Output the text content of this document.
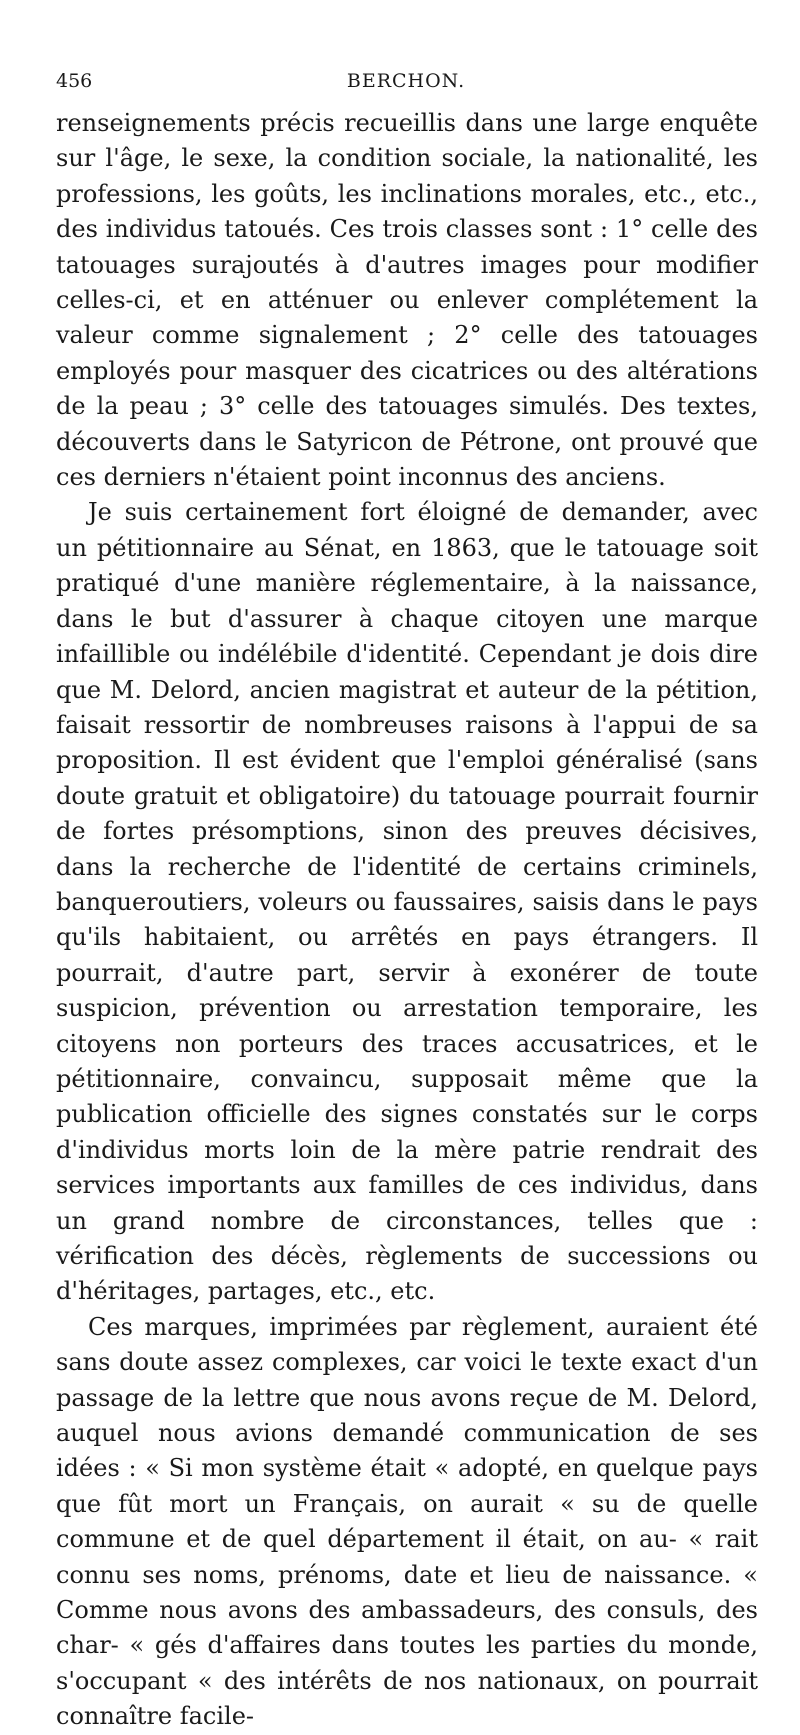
456	BERCHON.

renseignements précis recueillis dans une large enquête sur l'âge, le sexe, la condition sociale, la nationalité, les professions, les goûts, les inclinations morales, etc., etc., des individus tatoués. Ces trois classes sont : 1° celle des tatouages surajoutés à d'autres images pour modifier celles-ci, et en atténuer ou enlever complétement la valeur comme signalement ; 2° celle des tatouages employés pour masquer des cicatrices ou des altérations de la peau ; 3° celle des tatouages simulés. Des textes, découverts dans le Satyricon de Pétrone, ont prouvé que ces derniers n'étaient point inconnus des anciens.

Je suis certainement fort éloigné de demander, avec un pétitionnaire au Sénat, en 1863, que le tatouage soit pratiqué d'une manière réglementaire, à la naissance, dans le but d'assurer à chaque citoyen une marque infaillible ou indélébile d'identité. Cependant je dois dire que M. Delord, ancien magistrat et auteur de la pétition, faisait ressortir de nombreuses raisons à l'appui de sa proposition. Il est évident que l'emploi généralisé (sans doute gratuit et obligatoire) du tatouage pourrait fournir de fortes présomptions, sinon des preuves décisives, dans la recherche de l'identité de certains criminels, banqueroutiers, voleurs ou faussaires, saisis dans le pays qu'ils habitaient, ou arrêtés en pays étrangers. Il pourrait, d'autre part, servir à exonérer de toute suspicion, prévention ou arrestation temporaire, les citoyens non porteurs des traces accusatrices, et le pétitionnaire, convaincu, supposait même que la publication officielle des signes constatés sur le corps d'individus morts loin de la mère patrie rendrait des services importants aux familles de ces individus, dans un grand nombre de circonstances, telles que : vérification des décès, règlements de successions ou d'héritages, partages, etc., etc.

Ces marques, imprimées par règlement, auraient été sans doute assez complexes, car voici le texte exact d'un passage de la lettre que nous avons reçue de M. Delord, auquel nous avions demandé communication de ses idées : « Si mon système était « adopté, en quelque pays que fût mort un Français, on aurait « su de quelle commune et de quel département il était, on au- « rait connu ses noms, prénoms, date et lieu de naissance. « Comme nous avons des ambassadeurs, des consuls, des char- « gés d'affaires dans toutes les parties du monde, s'occupant « des intérêts de nos nationaux, on pourrait connaître facile-
